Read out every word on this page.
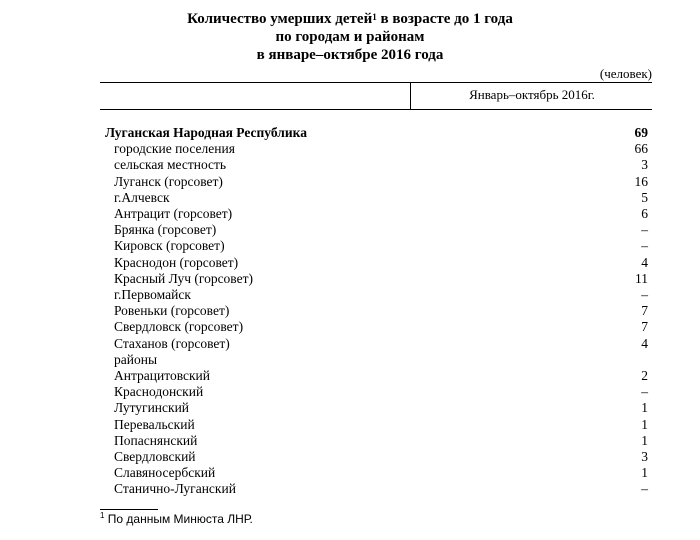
Количество умерших детей$^1$ в возрасте до 1 года
по городам и районам
в январе–октябре 2016 года
(человек)
Январь–октябрь 2016г.
Луганская Народная Республика	69
городские поселения	66
сельская местность	3
Луганск (горсовет)	16
г.Алчевск	5
Антрацит (горсовет)	6
Брянка (горсовет)	–
Кировск (горсовет)	–
Краснодон (горсовет)	4
Красный Луч (горсовет)	11
г.Первомайск	–
Ровеньки (горсовет)	7
Свердловск (горсовет)	7
Стаханов (горсовет)	4
районы
Антрацитовский	2
Краснодонский	–
Лутугинский	1
Перевальский	1
Попаснянский	1
Свердловский	3
Славяносербский	1
Станично-Луганский	–
$^1$ По данным Минюста ЛНР.
